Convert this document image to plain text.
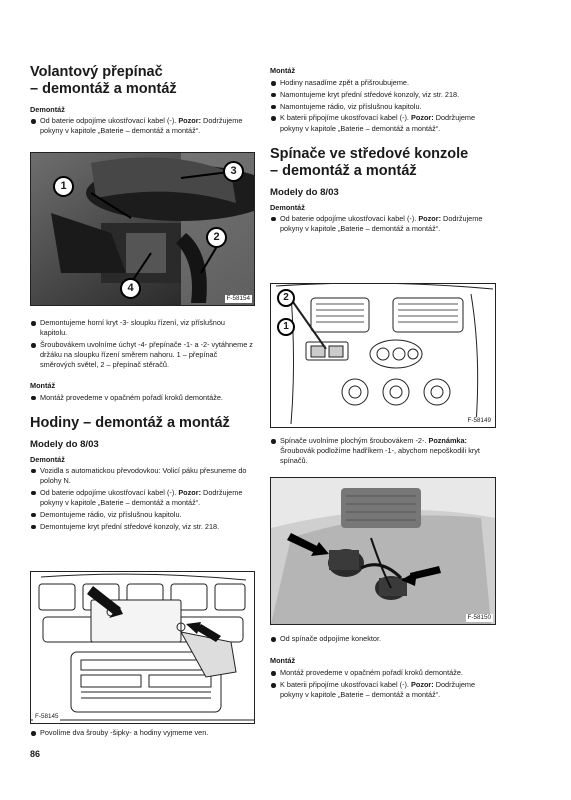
Volantový přepínač
– demontáž a montáž
Demontáž
Od baterie odpojíme ukostřovací kabel (-). Pozor: Dodržujeme pokyny v kapitole „Baterie – demontáž a montáž“.
1
3
2
4
F-58154
Demontujeme horní kryt -3- sloupku řízení, viz příslušnou kapitolu.
Šroubovákem uvolníme úchyt -4- přepínače -1- a -2- vytáhneme z držáku na sloupku řízení směrem nahoru. 1 – přepínač směrových světel, 2 – přepínač stěračů.
Montáž
Montáž provedeme v opačném pořadí kroků demontáže.
Hodiny – demontáž a montáž
Modely do 8/03
Demontáž
Vozidla s automatickou převodovkou: Volicí páku přesuneme do polohy N.
Od baterie odpojíme ukostřovací kabel (-). Pozor: Dodržujeme pokyny v kapitole „Baterie – demontáž a montáž“.
Demontujeme rádio, viz příslušnou kapitolu.
Demontujeme kryt přední středové konzoly, viz str. 218.
F-58145
Povolíme dva šrouby -šipky- a hodiny vyjmeme ven.
86
Montáž
Hodiny nasadíme zpět a přišroubujeme.
Namontujeme kryt přední středové konzoly, viz str. 218.
Namontujeme rádio, viz příslušnou kapitolu.
K baterii připojíme ukostřovací kabel (-). Pozor: Dodržujeme pokyny v kapitole „Baterie – demontáž a montáž“.
Spínače ve středové konzole
– demontáž a montáž
Modely do 8/03
Demontáž
Od baterie odpojíme ukostřovací kabel (-). Pozor: Dodržujeme pokyny v kapitole „Baterie – demontáž a montáž“.
2
1
F-58149
Spínače uvolníme plochým šroubovákem -2-. Poznámka: Šroubovák podložíme hadříkem -1-, abychom nepoškodili kryt spínačů.
F-58150
Od spínače odpojíme konektor.
Montáž
Montáž provedeme v opačném pořadí kroků demontáže.
K baterii připojíme ukostřovací kabel (-). Pozor: Dodržujeme pokyny v kapitole „Baterie – demontáž a montáž“.
